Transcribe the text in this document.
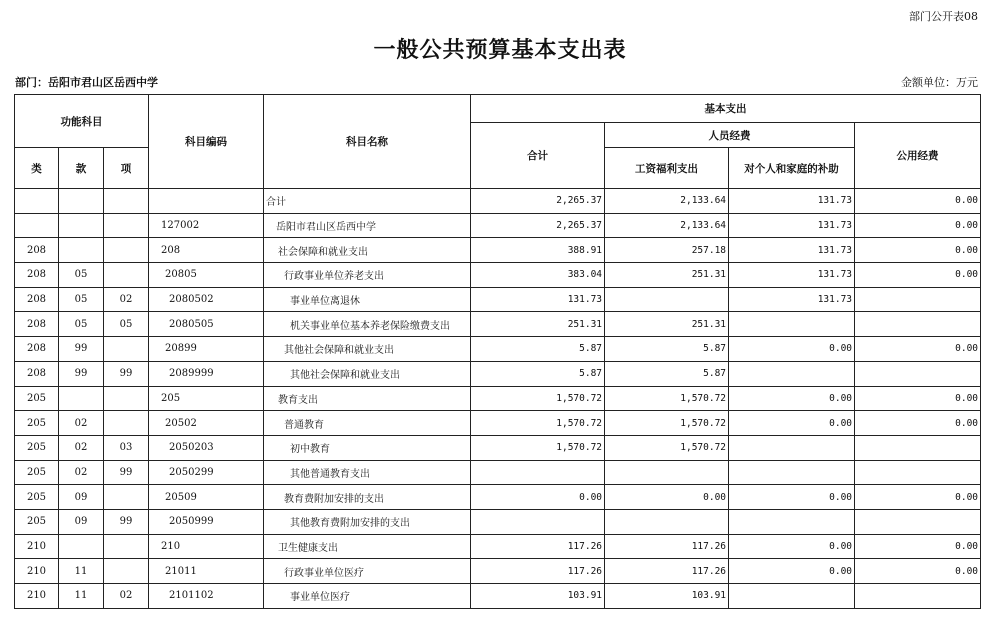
部门公开表08
一般公共预算基本支出表
部门：岳阳市君山区岳西中学	金额单位：万元
功能科目			科目编码	科目名称	基本支出			
					合计	人员经费		公用经费
类	款	项				工资福利支出	对个人和家庭的补助	
				合计	2,265.37	2,133.64	131.73	0.00
			127002	岳阳市君山区岳西中学	2,265.37	2,133.64	131.73	0.00
208			208	社会保障和就业支出	388.91	257.18	131.73	0.00
208	05		20805	行政事业单位养老支出	383.04	251.31	131.73	0.00
208	05	02	2080502	事业单位离退休	131.73		131.73	
208	05	05	2080505	机关事业单位基本养老保险缴费支出	251.31	251.31		
208	99		20899	其他社会保障和就业支出	5.87	5.87	0.00	0.00
208	99	99	2089999	其他社会保障和就业支出	5.87	5.87		
205			205	教育支出	1,570.72	1,570.72	0.00	0.00
205	02		20502	普通教育	1,570.72	1,570.72	0.00	0.00
205	02	03	2050203	初中教育	1,570.72	1,570.72		
205	02	99	2050299	其他普通教育支出				
205	09		20509	教育费附加安排的支出	0.00	0.00	0.00	0.00
205	09	99	2050999	其他教育费附加安排的支出				
210			210	卫生健康支出	117.26	117.26	0.00	0.00
210	11		21011	行政事业单位医疗	117.26	117.26	0.00	0.00
210	11	02	2101102	事业单位医疗	103.91	103.91		
